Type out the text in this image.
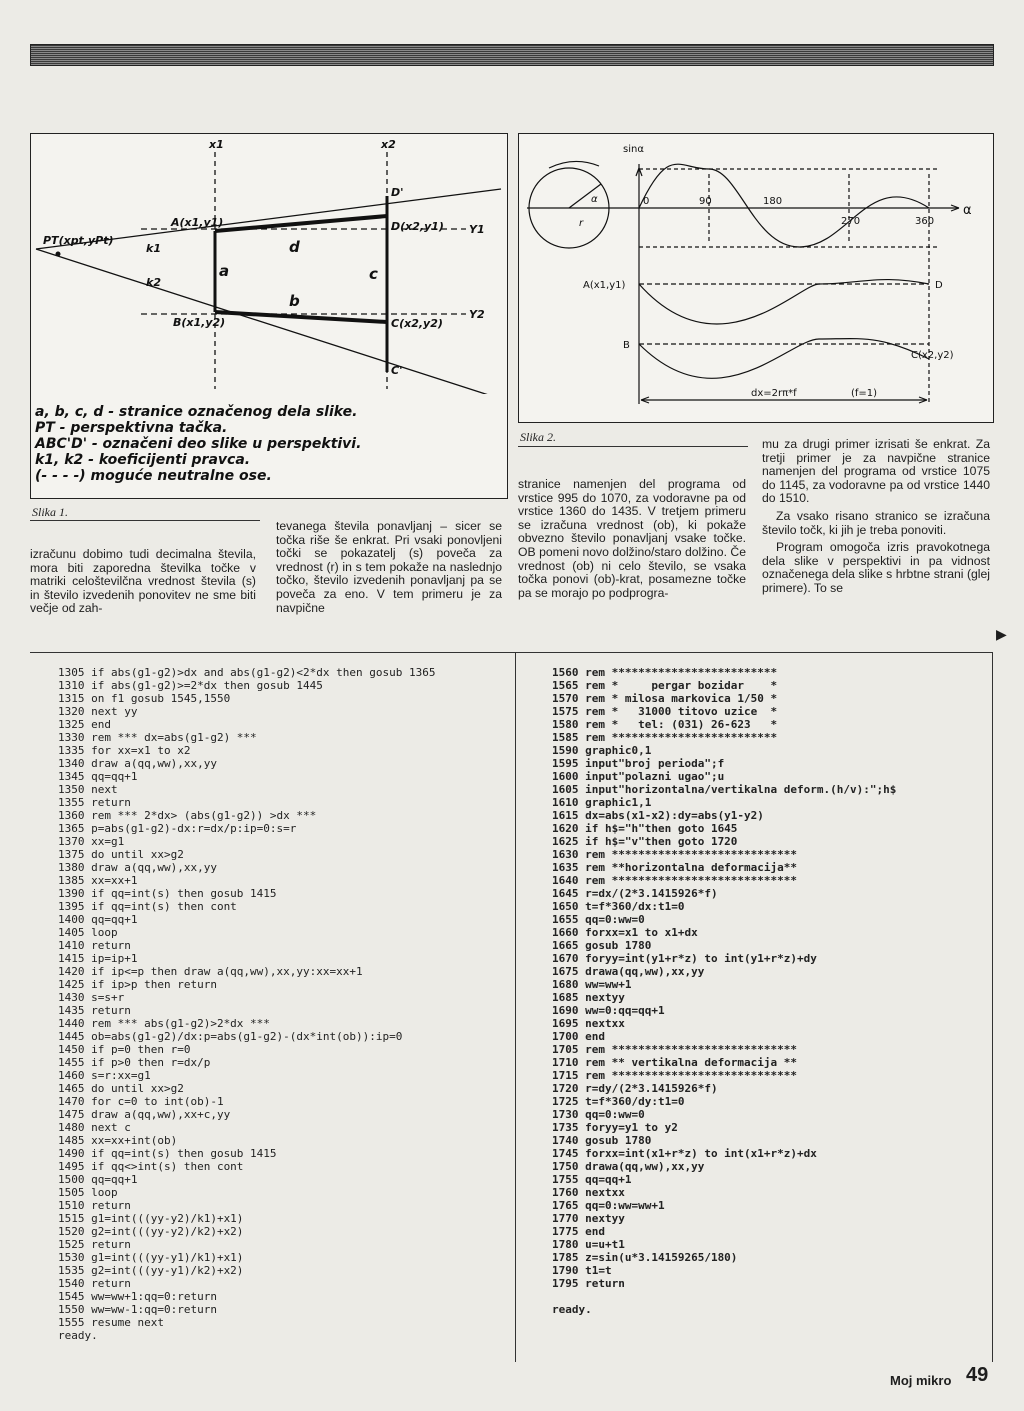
x1	x2
Y1
Y2
PT(xpt,yPt)
A(x1,y1)
B(x1,y2)	C(x2,y2)
D(x2,y1)
D'
C'
k1
k2
a
b
c
d
a, b, c, d - stranice označenog dela slike.
PT - perspektivna tačka.
ABC'D' - označeni deo slike u perspektivi.
k1, k2 - koeficijenti pravca.
(- - - -) moguće neutralne ose.
Slika 1.
sinα
α
α
r
0	90	180
270	360
A(x1,y1)
B
C(x2,y2)
D
dx=2rπ*f	(f=1)
Slika 2.

izračunu dobimo tudi decimalna števila, mora biti zaporedna številka točke v matriki celoštevilčna vrednost števila (s) in število izvedenih ponovitev ne sme biti večje od zah-

tevanega števila ponavljanj – sicer se točka riše še enkrat. Pri vsaki ponovljeni točki se pokazatelj (s) poveča za vrednost (r) in s tem pokaže na naslednjo točko, število izvedenih ponavljanj pa se poveča za eno. V tem primeru je za navpične

stranice namenjen del programa od vrstice 995 do 1070, za vodoravne pa od vrstice 1360 do 1435. V tretjem primeru se izračuna vrednost (ob), ki pokaže obvezno število ponavljanj vsake točke. OB pomeni novo dolžino/staro dolžino. Če vrednost (ob) ni celo število, se vsaka točka ponovi (ob)-krat, posamezne točke pa se morajo po podprogra-

mu za drugi primer izrisati še enkrat. Za tretji primer je za navpične stranice namenjen del programa od vrstice 1075 do 1145, za vodoravne pa od vrstice 1440 do 1510.

Za vsako risano stranico se izračuna število točk, ki jih je treba ponoviti.

Program omogoča izris pravokotnega dela slike v perspektivi in pa vidnost označenega dela slike s hrbtne strani (glej primere). To se

▶
1305 if abs(g1-g2)>dx and abs(g1-g2)<2*dx then gosub 1365
1310 if abs(g1-g2)>=2*dx then gosub 1445
1315 on f1 gosub 1545,1550
1320 next yy
1325 end
1330 rem *** dx=abs(g1-g2) ***
1335 for xx=x1 to x2
1340 draw a(qq,ww),xx,yy
1345 qq=qq+1
1350 next
1355 return
1360 rem *** 2*dx> (abs(g1-g2)) >dx ***
1365 p=abs(g1-g2)-dx:r=dx/p:ip=0:s=r
1370 xx=g1
1375 do until xx>g2
1380 draw a(qq,ww),xx,yy
1385 xx=xx+1
1390 if qq=int(s) then gosub 1415
1395 if qq=int(s) then cont
1400 qq=qq+1
1405 loop
1410 return
1415 ip=ip+1
1420 if ip<=p then draw a(qq,ww),xx,yy:xx=xx+1
1425 if ip>p then return
1430 s=s+r
1435 return
1440 rem *** abs(g1-g2)>2*dx ***
1445 ob=abs(g1-g2)/dx:p=abs(g1-g2)-(dx*int(ob)):ip=0
1450 if p=0 then r=0
1455 if p>0 then r=dx/p
1460 s=r:xx=g1
1465 do until xx>g2
1470 for c=0 to int(ob)-1
1475 draw a(qq,ww),xx+c,yy
1480 next c
1485 xx=xx+int(ob)
1490 if qq=int(s) then gosub 1415
1495 if qq<>int(s) then cont
1500 qq=qq+1
1505 loop
1510 return
1515 g1=int(((yy-y2)/k1)+x1)
1520 g2=int(((yy-y2)/k2)+x2)
1525 return
1530 g1=int(((yy-y1)/k1)+x1)
1535 g2=int(((yy-y1)/k2)+x2)
1540 return
1545 ww=ww+1:qq=0:return
1550 ww=ww-1:qq=0:return
1555 resume next
ready.
1560 rem *************************
1565 rem *     pergar bozidar    *
1570 rem * milosa markovica 1/50 *
1575 rem *   31000 titovo uzice  *
1580 rem *   tel: (031) 26-623   *
1585 rem *************************
1590 graphic0,1
1595 input"broj perioda";f
1600 input"polazni ugao";u
1605 input"horizontalna/vertikalna deform.(h/v):";h$
1610 graphic1,1
1615 dx=abs(x1-x2):dy=abs(y1-y2)
1620 if h$="h"then goto 1645
1625 if h$="v"then goto 1720
1630 rem ****************************
1635 rem **horizontalna deformacija**
1640 rem ****************************
1645 r=dx/(2*3.1415926*f)
1650 t=f*360/dx:t1=0
1655 qq=0:ww=0
1660 forxx=x1 to x1+dx
1665 gosub 1780
1670 foryy=int(y1+r*z) to int(y1+r*z)+dy
1675 drawa(qq,ww),xx,yy
1680 ww=ww+1
1685 nextyy
1690 ww=0:qq=qq+1
1695 nextxx
1700 end
1705 rem ****************************
1710 rem ** vertikalna deformacija **
1715 rem ****************************
1720 r=dy/(2*3.1415926*f)
1725 t=f*360/dy:t1=0
1730 qq=0:ww=0
1735 foryy=y1 to y2
1740 gosub 1780
1745 forxx=int(x1+r*z) to int(x1+r*z)+dx
1750 drawa(qq,ww),xx,yy
1755 qq=qq+1
1760 nextxx
1765 qq=0:ww=ww+1
1770 nextyy
1775 end
1780 u=u+t1
1785 z=sin(u*3.14159265/180)
1790 t1=t
1795 return

ready.
Moj mikro 49
